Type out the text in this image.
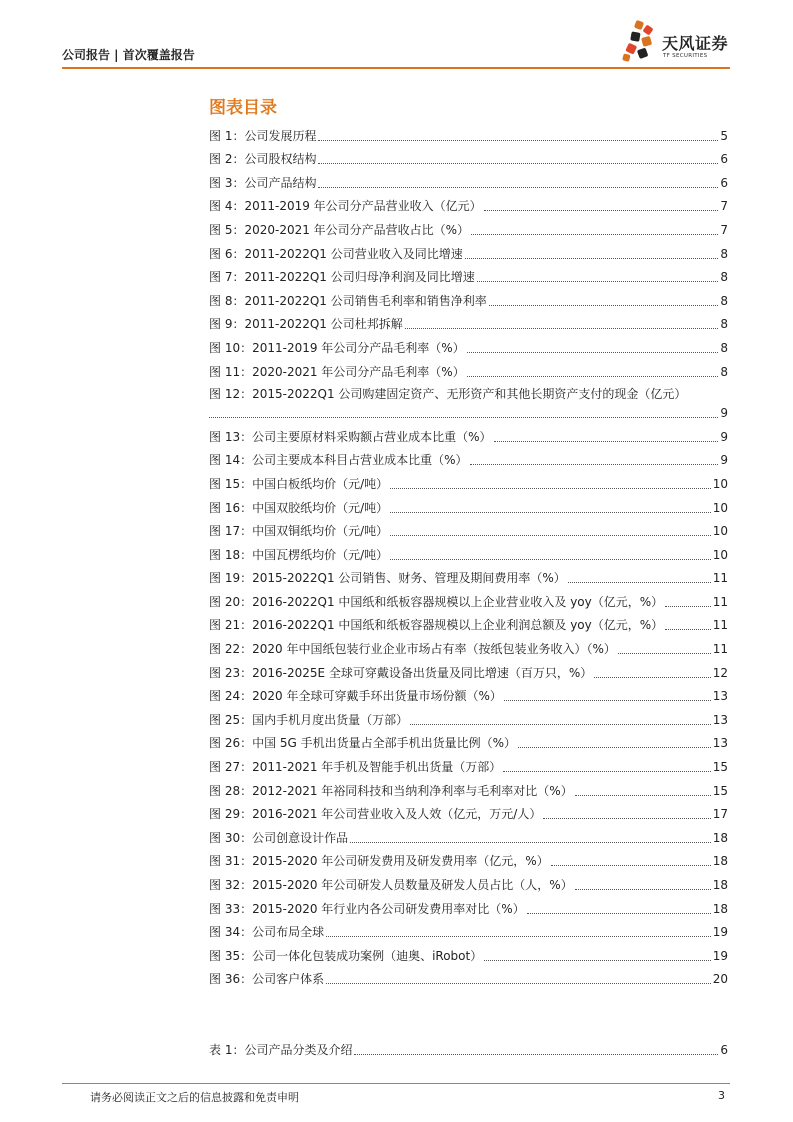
公司报告 | 首次覆盖报告
天风证券
TF SECURITIES
图表目录
图 1：公司发展历程	5
图 2：公司股权结构	6
图 3：公司产品结构	6
图 4：2011-2019 年公司分产品营业收入（亿元）	7
图 5：2020-2021 年公司分产品营收占比（%）	7
图 6：2011-2022Q1 公司营业收入及同比增速	8
图 7：2011-2022Q1 公司归母净利润及同比增速	8
图 8：2011-2022Q1 公司销售毛利率和销售净利率	8
图 9：2011-2022Q1 公司杜邦拆解	8
图 10：2011-2019 年公司分产品毛利率（%）	8
图 11：2020-2021 年公司分产品毛利率（%）	8
图 12：2015-2022Q1 公司购建固定资产、无形资产和其他长期资产支付的现金（亿元）
9
图 13：公司主要原材料采购额占营业成本比重（%）	9
图 14：公司主要成本科目占营业成本比重（%）	9
图 15：中国白板纸均价（元/吨）	10
图 16：中国双胶纸均价（元/吨）	10
图 17：中国双铜纸均价（元/吨）	10
图 18：中国瓦楞纸均价（元/吨）	10
图 19：2015-2022Q1 公司销售、财务、管理及期间费用率（%）	11
图 20：2016-2022Q1 中国纸和纸板容器规模以上企业营业收入及 yoy（亿元，%）	11
图 21：2016-2022Q1 中国纸和纸板容器规模以上企业利润总额及 yoy（亿元，%）	11
图 22：2020 年中国纸包装行业企业市场占有率（按纸包装业务收入）（%）	11
图 23：2016-2025E 全球可穿戴设备出货量及同比增速（百万只，%）	12
图 24：2020 年全球可穿戴手环出货量市场份额（%）	13
图 25：国内手机月度出货量（万部）	13
图 26：中国 5G 手机出货量占全部手机出货量比例（%）	13
图 27：2011-2021 年手机及智能手机出货量（万部）	15
图 28：2012-2021 年裕同科技和当纳利净利率与毛利率对比（%）	15
图 29：2016-2021 年公司营业收入及人效（亿元，万元/人）	17
图 30：公司创意设计作品	18
图 31：2015-2020 年公司研发费用及研发费用率（亿元，%）	18
图 32：2015-2020 年公司研发人员数量及研发人员占比（人，%）	18
图 33：2015-2020 年行业内各公司研发费用率对比（%）	18
图 34：公司布局全球	19
图 35：公司一体化包装成功案例（迪奥、iRobot）	19
图 36：公司客户体系	20
表 1：公司产品分类及介绍	6
请务必阅读正文之后的信息披露和免责申明	3
